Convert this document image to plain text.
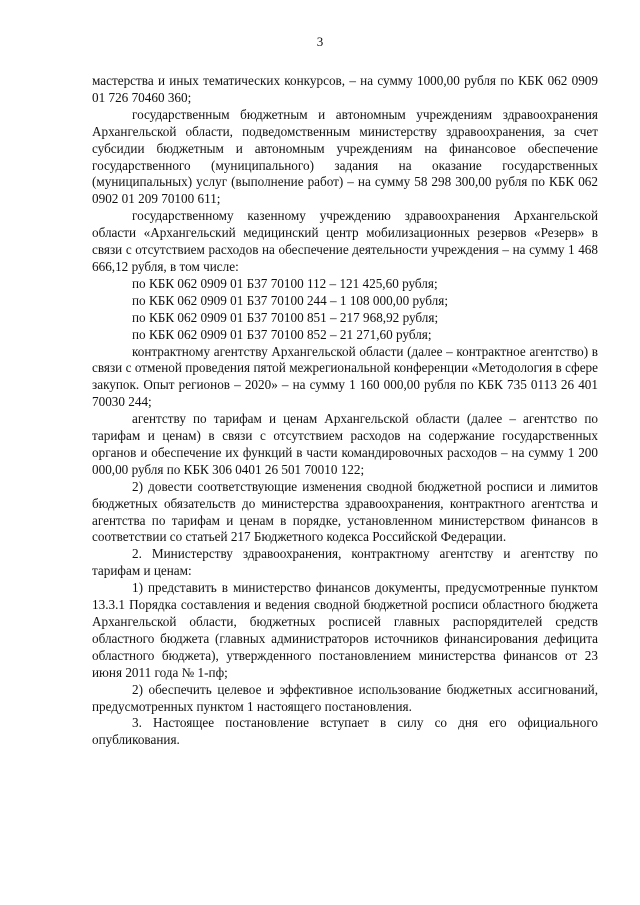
3

мастерства и иных тематических конкурсов, – на сумму 1000,00 рубля по КБК 062 0909 01 726 70460 360;

государственным бюджетным и автономным учреждениям здравоохранения Архангельской области, подведомственным министерству здравоохранения, за счет субсидии бюджетным и автономным учреждениям на финансовое обеспечение государственного (муниципального) задания на оказание государственных (муниципальных) услуг (выполнение работ) – на сумму 58 298 300,00 рубля по КБК 062 0902 01 209 70100 611;

государственному казенному учреждению здравоохранения Архангельской области «Архангельский медицинский центр мобилизационных резервов «Резерв» в связи с отсутствием расходов на обеспечение деятельности учреждения – на сумму 1 468 666,12 рубля, в том числе:

по КБК 062 0909 01 Б37 70100 112 – 121 425,60 рубля;

по КБК 062 0909 01 Б37 70100 244 – 1 108 000,00 рубля;

по КБК 062 0909 01 Б37 70100 851 – 217 968,92 рубля;

по КБК 062 0909 01 Б37 70100 852 – 21 271,60 рубля;

контрактному агентству Архангельской области (далее – контрактное агентство) в связи с отменой проведения пятой межрегиональной конференции «Методология в сфере закупок. Опыт регионов – 2020» – на сумму 1 160 000,00 рубля по КБК 735 0113 26 401 70030 244;

агентству по тарифам и ценам Архангельской области (далее – агентство по тарифам и ценам) в связи с отсутствием расходов на содержание государственных органов и обеспечение их функций в части командировочных расходов – на сумму 1 200 000,00 рубля по КБК 306 0401 26 501 70010 122;

2) довести соответствующие изменения сводной бюджетной росписи и лимитов бюджетных обязательств до министерства здравоохранения, контрактного агентства и агентства по тарифам и ценам в порядке, установленном министерством финансов в соответствии со статьей 217 Бюджетного кодекса Российской Федерации.

2. Министерству здравоохранения, контрактному агентству и агентству по тарифам и ценам:

1) представить в министерство финансов документы, предусмотренные пунктом 13.3.1 Порядка составления и ведения сводной бюджетной росписи областного бюджета Архангельской области, бюджетных росписей главных распорядителей средств областного бюджета (главных администраторов источников финансирования дефицита областного бюджета), утвержденного постановлением министерства финансов от 23 июня 2011 года № 1-пф;

2) обеспечить целевое и эффективное использование бюджетных ассигнований, предусмотренных пунктом 1 настоящего постановления.

3. Настоящее постановление вступает в силу со дня его официального опубликования.
